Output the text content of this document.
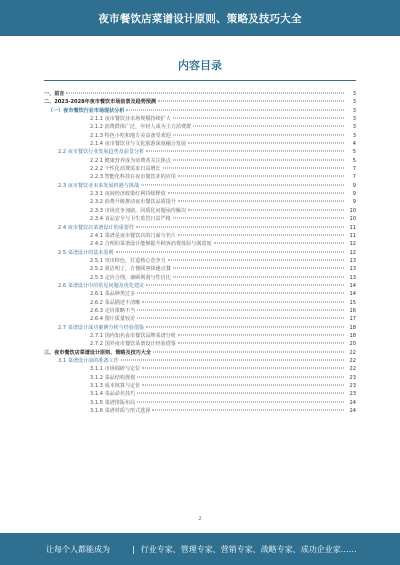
夜市餐饮店菜谱设计原则、策略及技巧大全
内容目录
一、前言	3
二、2023-2028年夜市餐饮市场前景及趋势预测	3
（一）夜市餐饮行业市场现状分析	3
2.1.1 夜市餐饮业市场规模持续扩大	3
2.1.2 消费群体广泛，年轻人成为主力消费群	3
2.1.3 特色小吃和地方美食备受欢迎	3
2.1.4 夜市餐饮业与文化旅游深度融合发展	4
2.2 夜市餐饮行业发展趋势及前景分析	5
2.2.1 健康营养成为消费者关注焦点	5
2.2.2 个性化消费需求日益增长	7
2.2.3 智能化科技在夜市餐饮业的应用	7
2.3 夜市餐饮业未来发展机遇与挑战	9
2.3.1 夜间经济政策红利持续释放	9
2.3.2 消费升级推动夜市餐饮品质提升	9
2.3.3 市场竞争加剧，同质化问题亟待解决	10
2.3.4 食品安全与卫生监管日益严格	10
2.4 夜市餐饮店菜谱设计的重要性	11
2.4.1 菜谱是夜市餐饮店的门面与名片	11
2.4.2 合理的菜谱设计能够提升顾客消费体验与满意度	12
2.5 菜谱设计的基本原则	12
2.5.1 突出特色，打造核心竞争力	13
2.5.2 简洁明了，方便顾客快速点餐	13
2.5.3 定价合理，兼顾利润与性价比	13
2.6 菜谱设计中的常见问题及优化建议	14
2.6.1 菜品种类过多	14
2.6.2 菜品描述不清晰	15
2.6.3 定价策略不当	16
2.6.4 图片质量较差	17
2.7 菜谱设计成功案例分析与经验借鉴	18
2.7.1 国内知名夜市餐饮品牌菜谱分析	18
2.7.2 国外夜市餐饮菜谱设计经验借鉴	20
三、夜市餐饮店菜谱设计原则、策略及技巧大全	22
3.1 菜谱设计前的准备工作	22
3.1.1 市场调研与定位	22
3.1.2 菜品结构规划	23
3.1.3 成本核算与定价	23
3.1.4 菜品命名技巧	23
3.1.5 菜谱排版布局	24
3.1.6 菜谱材质与形式选择	24
2
让每个人都能成为	| 行业专家、管理专家、营销专家、战略专家、成功企业家……
